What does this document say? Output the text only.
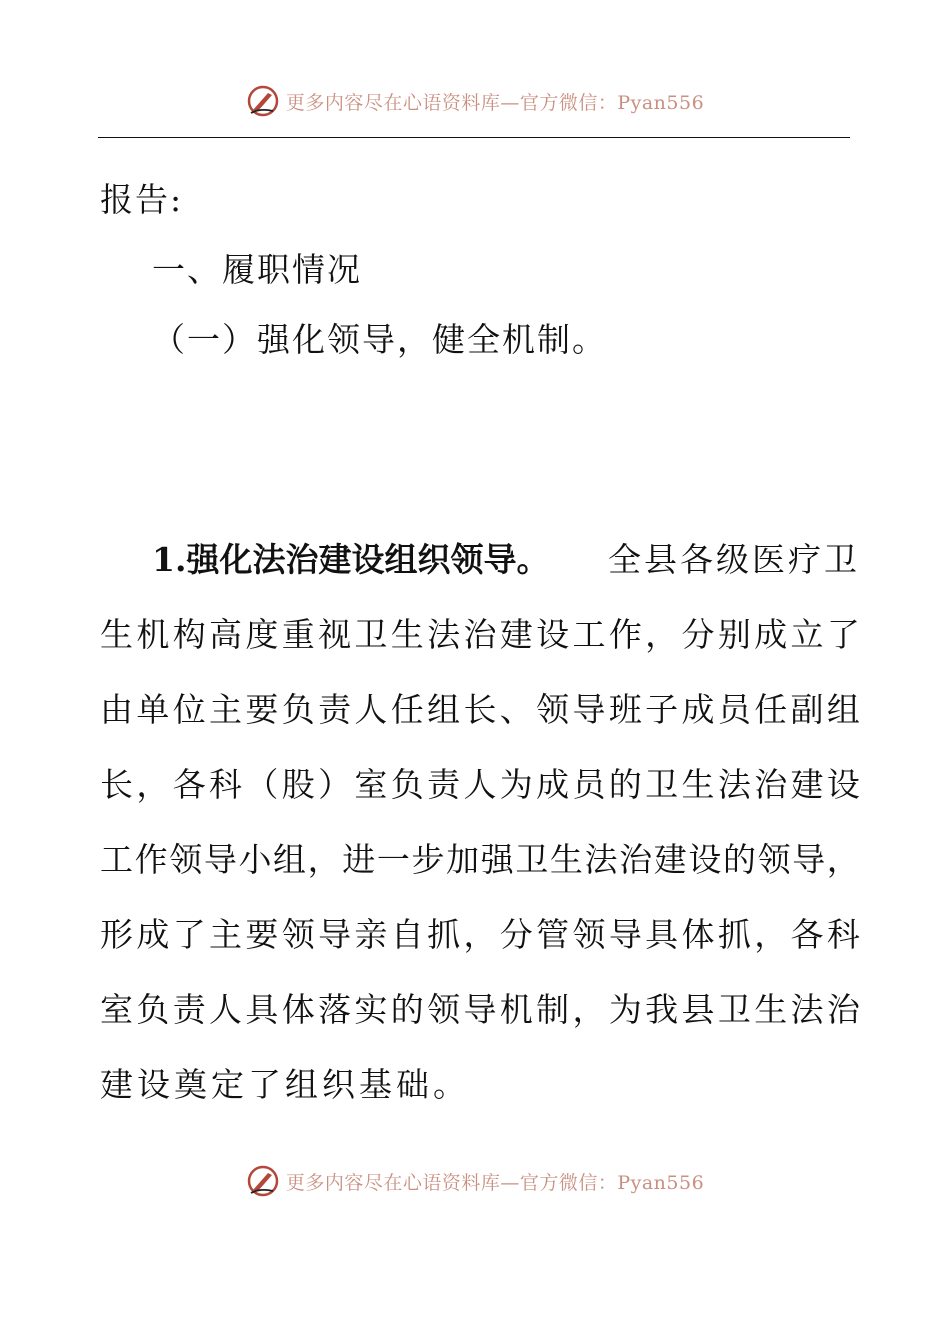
更多内容尽在心语资料库—官方微信：Pyan556
报告:
一、履职情况
（一）强化领导，健全机制。
1.强化法治建设组织领导。 全县各级医疗卫
生 机 构 高 度 重 视 卫 生 法 治 建 设 工 作 ， 分 别 成 立 了
由 单 位 主 要 负 责 人 任 组 长 、 领 导 班 子 成 员 任 副 组
长 ， 各 科 （ 股 ） 室 负 责 人 为 成 员 的 卫 生 法 治 建 设
工 作 领 导 小 组 ， 进 一 步 加 强 卫 生 法 治 建 设 的 领 导 ，
形 成 了 主 要 领 导 亲 自 抓 ， 分 管 领 导 具 体 抓 ， 各 科
室 负 责 人 具 体 落 实 的 领 导 机 制 ， 为 我 县 卫 生 法 治
建设奠定了组织基础。
更多内容尽在心语资料库—官方微信：Pyan556
